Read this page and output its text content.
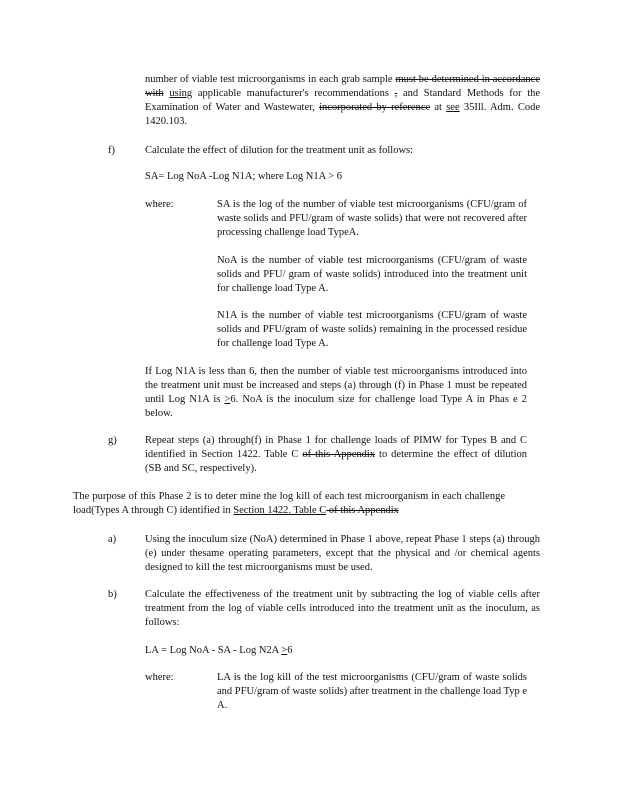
number of viable test microorganisms in each grab sample must be determined in accordance with using applicable manufacturer's recommendations , and Standard Methods for the Examination of Water and Wastewater, incorporated by reference at see 35Ill. Adm. Code 1420.103.

f)	Calculate the effect of dilution for the treatment unit as follows:

SA= Log NoA -Log N1A; where Log N1A > 6

where:	SA is the log of the number of viable test microorganisms (CFU/gram of waste solids and PFU/gram of waste solids) that were not recovered after processing challenge load TypeA.

NoA is the number of viable test microorganisms (CFU/gram of waste solids and PFU/ gram of waste solids) introduced into the treatment unit for challenge load Type A.

N1A is the number of viable test microorganisms (CFU/gram of waste solids and PFU/gram of waste solids) remaining in the processed residue for challenge load Type A.

If Log N1A is less than 6, then the number of viable test microorganisms introduced into the treatment unit must be increased and steps (a) through (f) in Phase 1 must be repeated until Log N1A is ≥6. NoA is the inoculum size for challenge load Type A in Phas e 2 below.

g)	Repeat steps (a) through(f) in Phase 1 for challenge loads of PIMW for Types B and C identified in Section 1422. Table C of this Appendix to determine the effect of dilution (SB and SC, respectively).

The purpose of this Phase 2 is to deter mine the log kill of each test microorganism in each challenge load(Types A through C) identified in Section 1422. Table C of this Appendix

a)	Using the inoculum size (NoA) determined in Phase 1 above, repeat Phase 1 steps (a) through (e) under thesame operating parameters, except that the physical and /or chemical agents designed to kill the test microorganisms must be used.

b)	Calculate the effectiveness of the treatment unit by subtracting the log of viable cells after treatment from the log of viable cells introduced into the treatment unit as the inoculum, as follows:

LA = Log NoA - SA - Log N2A ≥6

where:	LA is the log kill of the test microorganisms (CFU/gram of waste solids and PFU/gram of waste solids) after treatment in the challenge load Typ e A.
